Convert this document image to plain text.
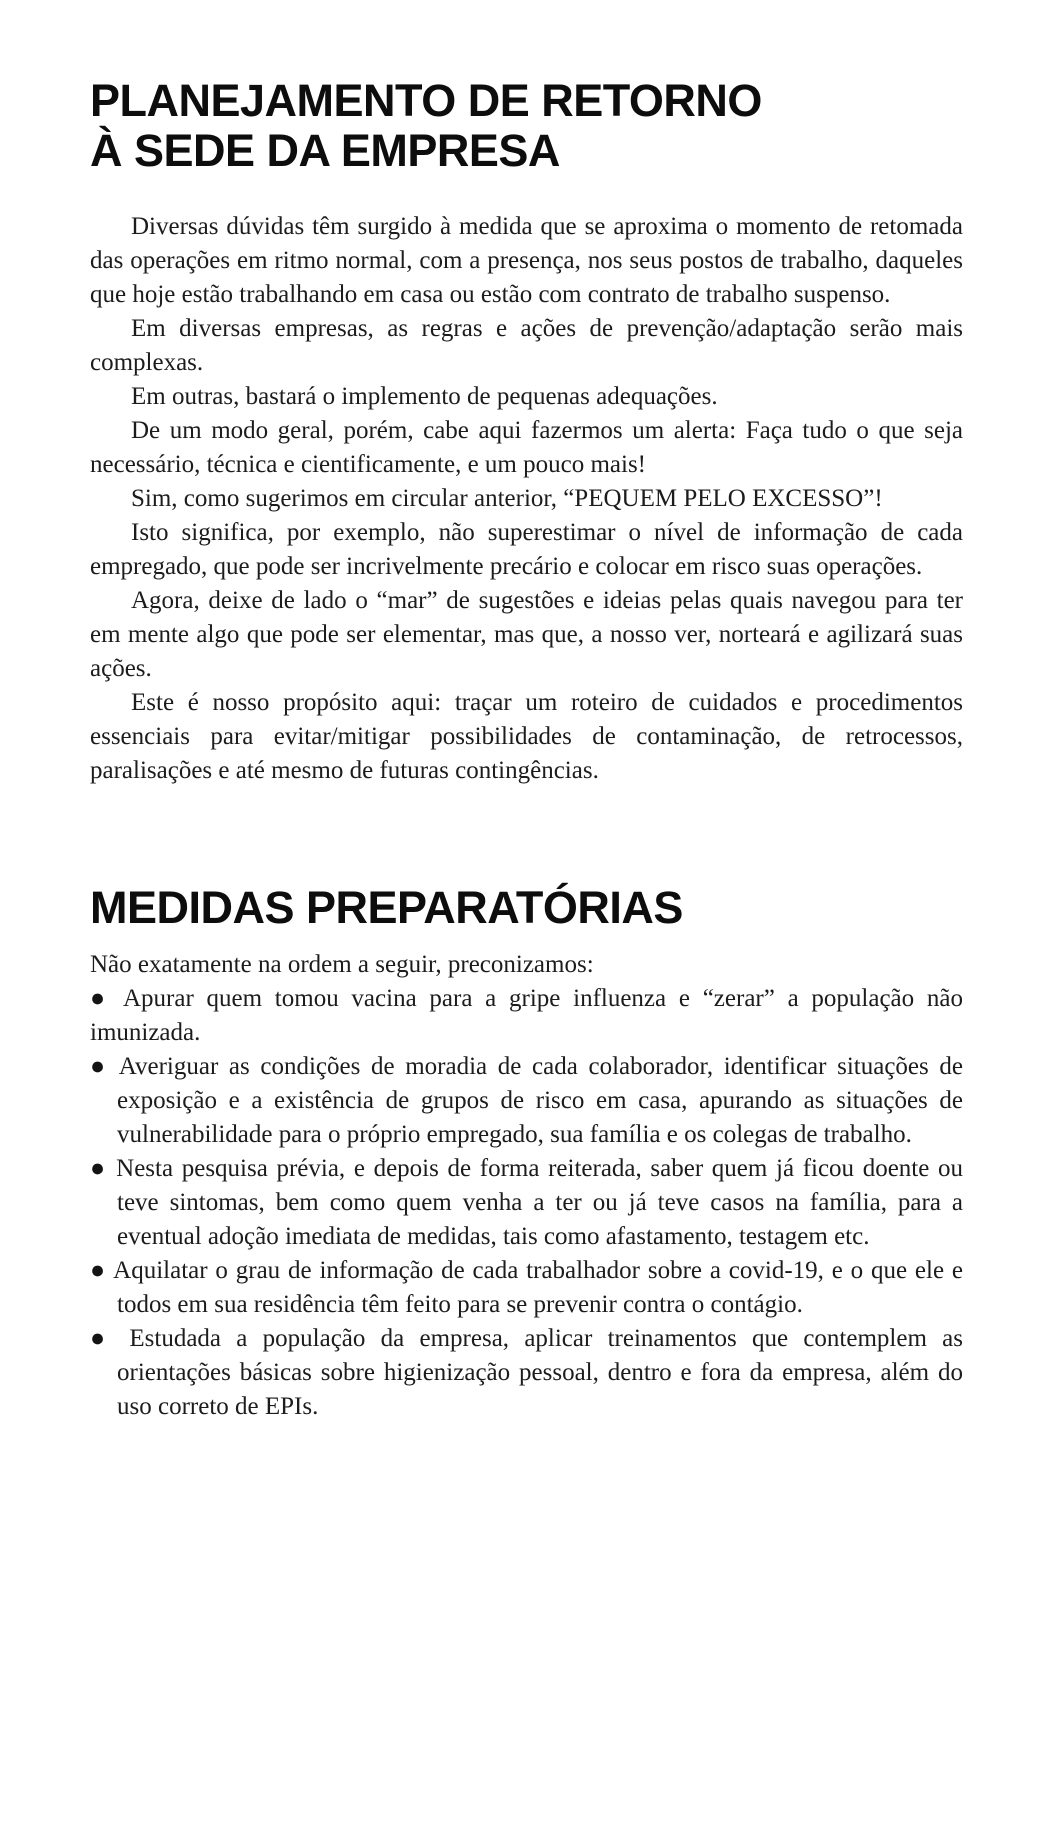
PLANEJAMENTO DE RETORNO
À SEDE DA EMPRESA

Diversas dúvidas têm surgido à medida que se aproxima o momento de retomada das operações em ritmo normal, com a presença, nos seus postos de trabalho, daqueles que hoje estão trabalhando em casa ou estão com contrato de trabalho suspenso.

Em diversas empresas, as regras e ações de prevenção/adaptação serão mais complexas.

Em outras, bastará o implemento de pequenas adequações.

De um modo geral, porém, cabe aqui fazermos um alerta: Faça tudo o que seja necessário, técnica e cientificamente, e um pouco mais!

Sim, como sugerimos em circular anterior, “PEQUEM PELO EXCESSO”!

Isto significa, por exemplo, não superestimar o nível de informação de cada empregado, que pode ser incrivelmente precário e colocar em risco suas operações.

Agora, deixe de lado o “mar” de sugestões e ideias pelas quais navegou para ter em mente algo que pode ser elementar, mas que, a nosso ver, norteará e agilizará suas ações.

Este é nosso propósito aqui: traçar um roteiro de cuidados e procedimentos essenciais para evitar/mitigar possibilidades de contaminação, de retrocessos, paralisações e até mesmo de futuras contingências.

MEDIDAS PREPARATÓRIAS

Não exatamente na ordem a seguir, preconizamos:

● Apurar quem tomou vacina para a gripe influenza e “zerar” a população não imunizada.

● Averiguar as condições de moradia de cada colaborador, identificar situações de exposição e a existência de grupos de risco em casa, apurando as situações de vulnerabilidade para o próprio empregado, sua família e os colegas de trabalho.

● Nesta pesquisa prévia, e depois de forma reiterada, saber quem já ficou doente ou teve sintomas, bem como quem venha a ter ou já teve casos na família, para a eventual adoção imediata de medidas, tais como afastamento, testagem etc.

● Aquilatar o grau de informação de cada trabalhador sobre a covid-19, e o que ele e todos em sua residência têm feito para se prevenir contra o contágio.

● Estudada a população da empresa, aplicar treinamentos que contemplem as orientações básicas sobre higienização pessoal, dentro e fora da empresa, além do uso correto de EPIs.
